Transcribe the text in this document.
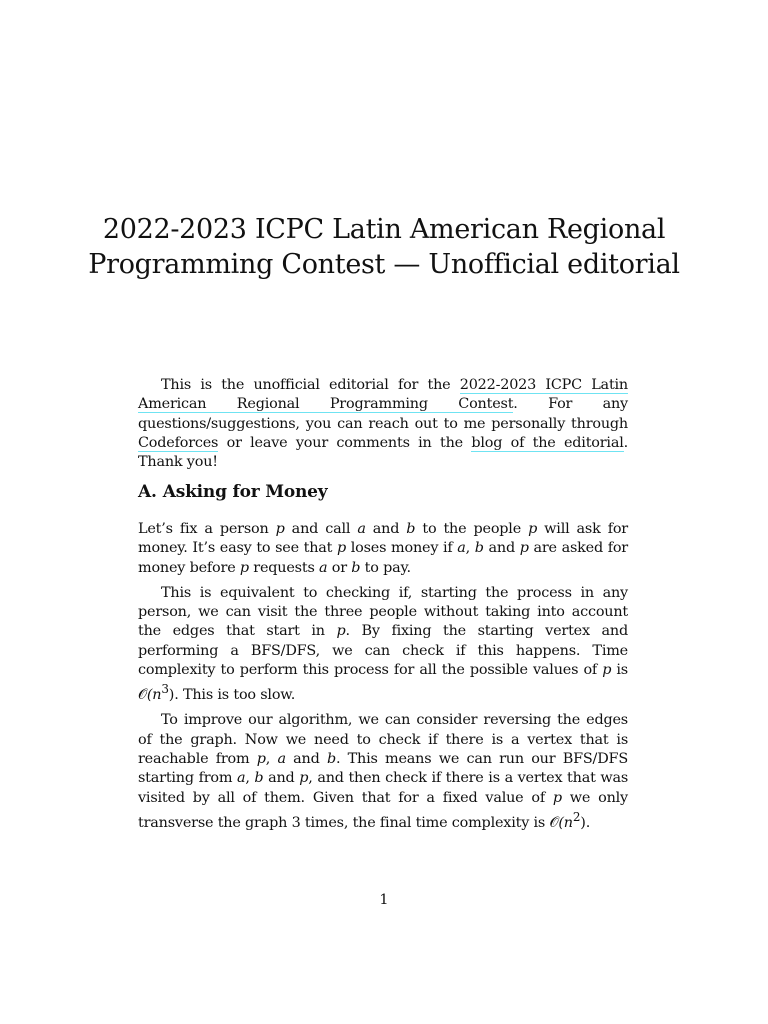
2022-2023 ICPC Latin American Regional
Programming Contest — Unofficial editorial

This is the unofficial editorial for the 2022-2023 ICPC Latin American Regional Programming Contest. For any questions/suggestions, you can reach out to me personally through Codeforces or leave your comments in the blog of the editorial. Thank you!

A. Asking for Money

Let’s fix a person p and call a and b to the people p will ask for money. It’s easy to see that p loses money if a, b and p are asked for money before p requests a or b to pay.

This is equivalent to checking if, starting the process in any person, we can visit the three people without taking into account the edges that start in p. By fixing the starting vertex and performing a BFS/DFS, we can check if this happens. Time complexity to perform this process for all the possible values of p is $𝒪(n^3)$. This is too slow.

To improve our algorithm, we can consider reversing the edges of the graph. Now we need to check if there is a vertex that is reachable from p, a and b. This means we can run our BFS/DFS starting from a, b and p, and then check if there is a vertex that was visited by all of them. Given that for a fixed value of p we only transverse the graph 3 times, the final time complexity is $𝒪(n^2)$.

1
